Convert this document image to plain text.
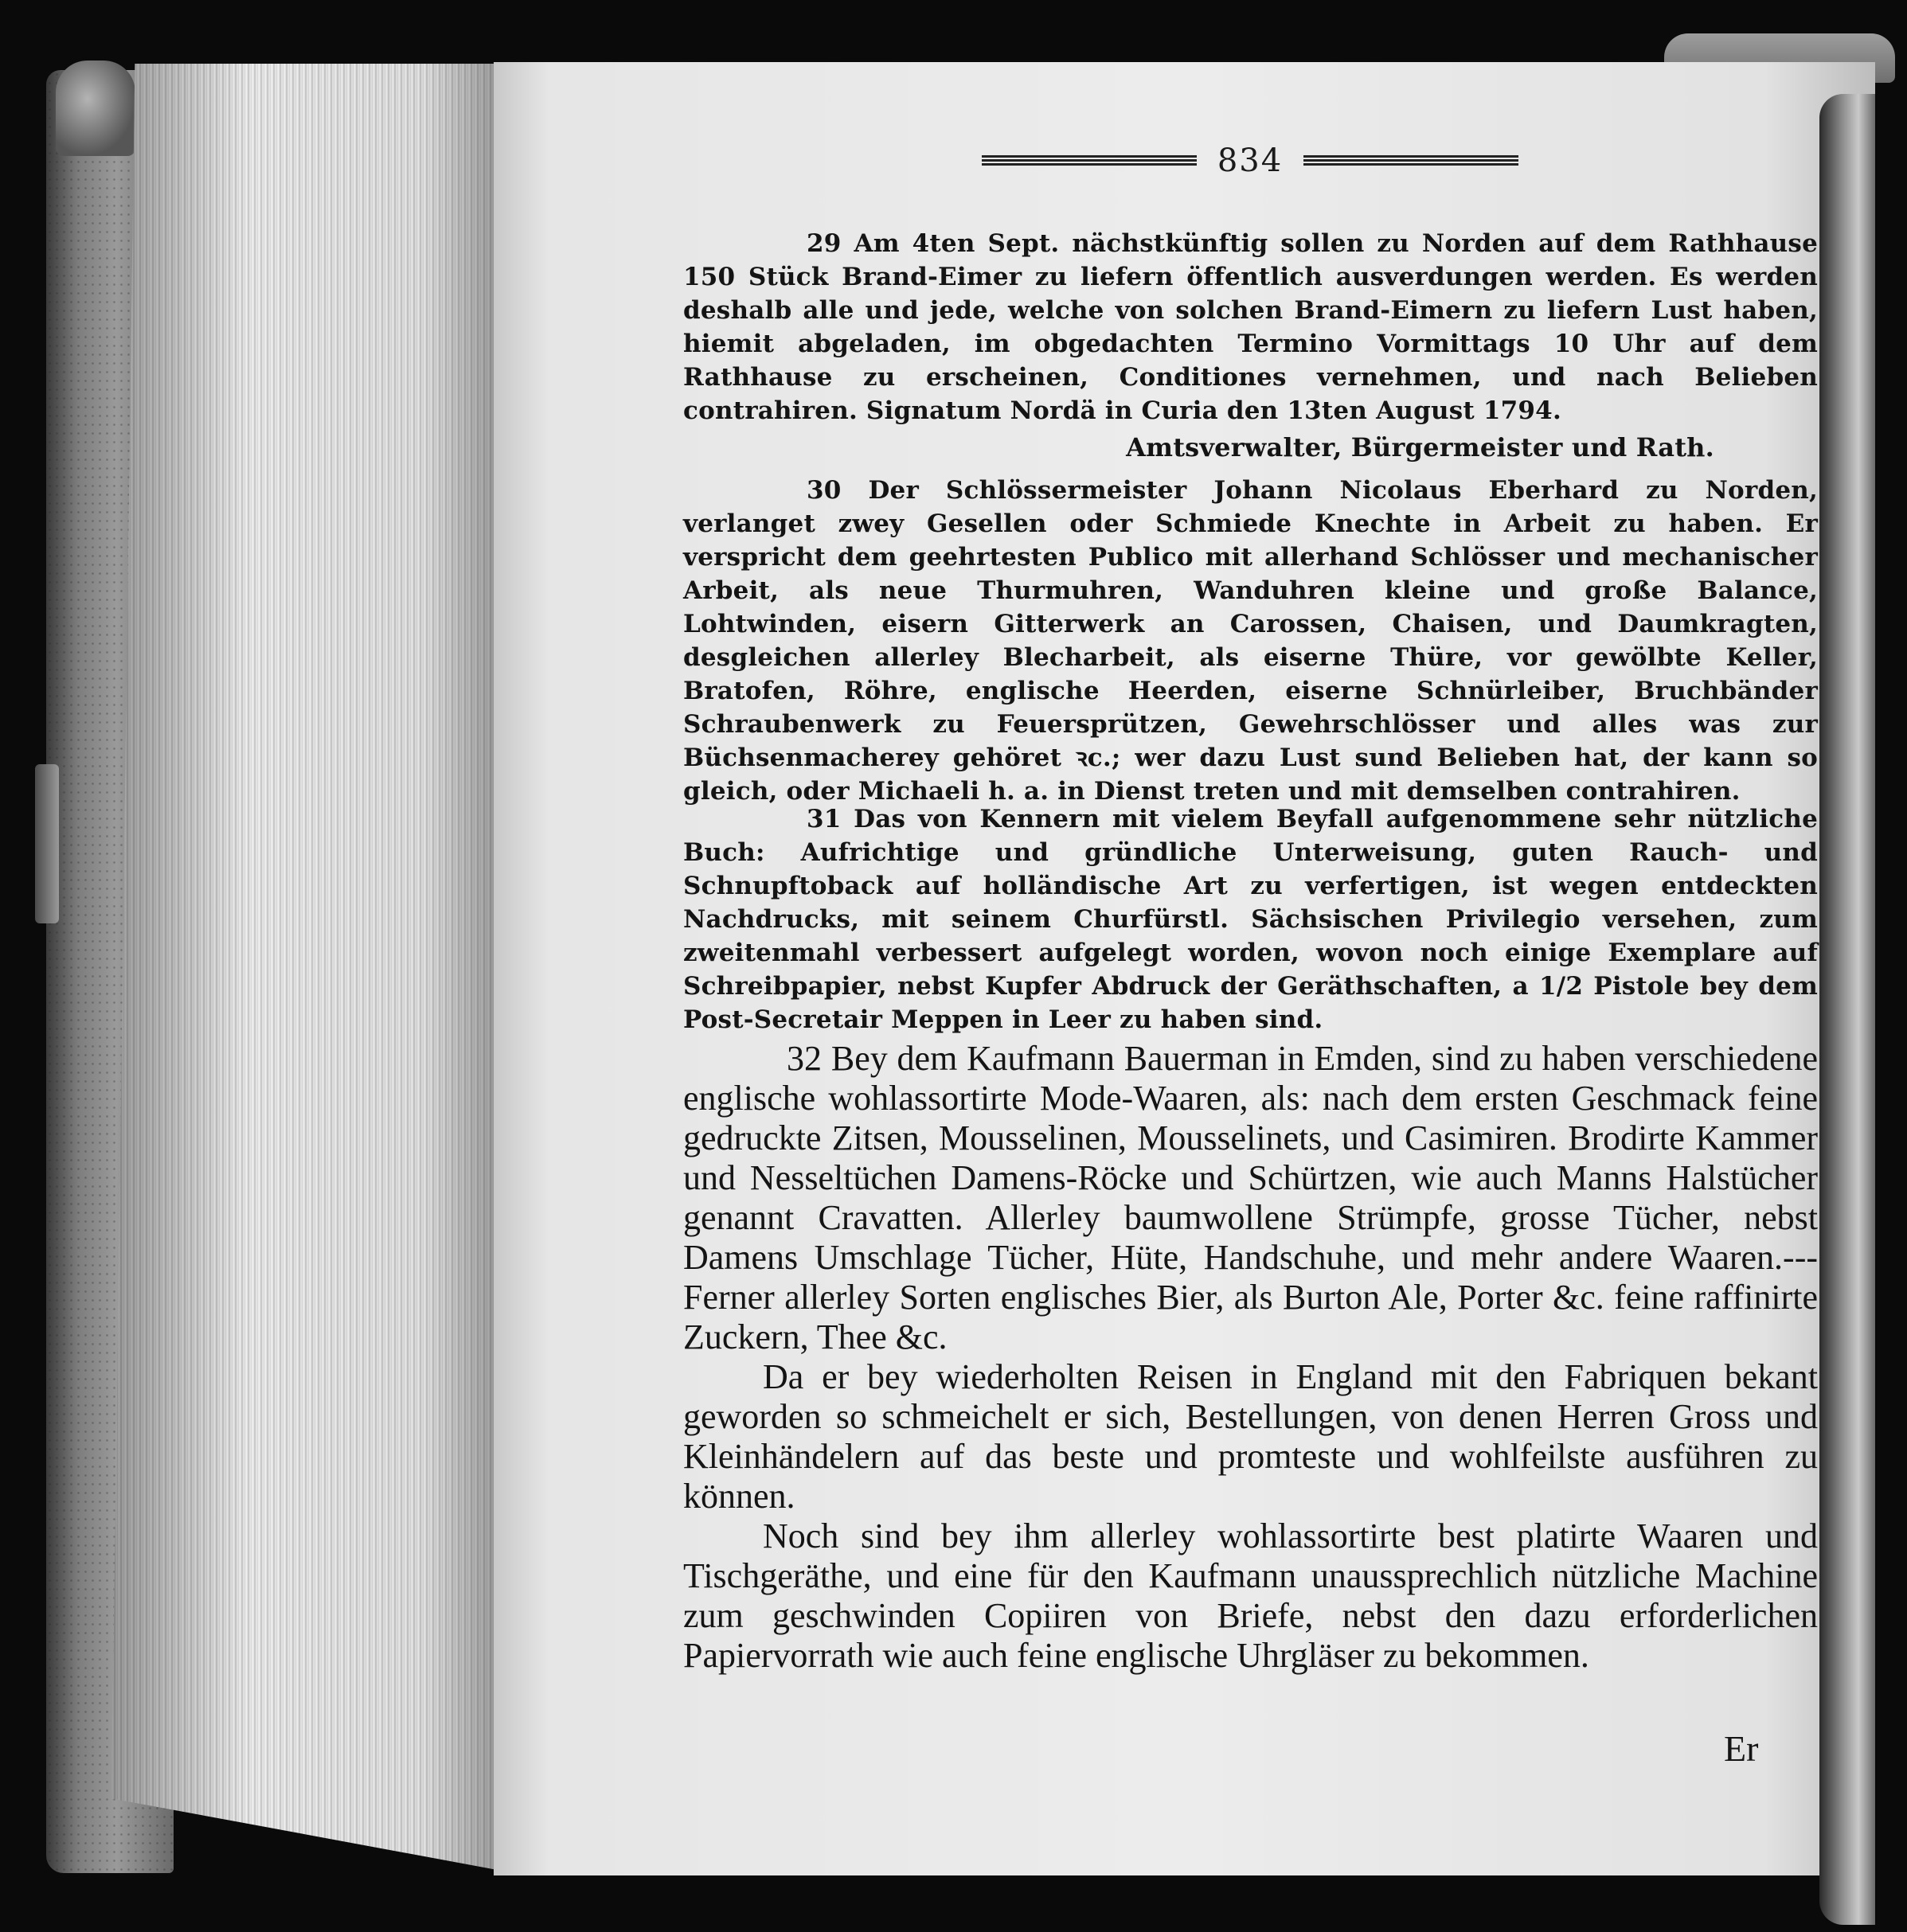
834

29 Am 4ten Sept. nächstkünftig sollen zu Norden auf dem Rathhause 150 Stück Brand-Eimer zu liefern öffentlich ausverdungen werden. Es werden deshalb alle und jede, welche von solchen Brand-Eimern zu liefern Lust haben, hiemit abgeladen, im obgedachten Termino Vormittags 10 Uhr auf dem Rathhause zu erscheinen, Conditiones vernehmen, und nach Belieben contrahiren. Signatum Nordä in Curia den 13ten August 1794.

Amtsverwalter, Bürgermeister und Rath.

30 Der Schlössermeister Johann Nicolaus Eberhard zu Norden, verlanget zwey Gesellen oder Schmiede Knechte in Arbeit zu haben. Er verspricht dem geehrtesten Publico mit allerhand Schlösser und mechanischer Arbeit, als neue Thurmuhren, Wanduhren kleine und große Balance, Lohtwinden, eisern Gitterwerk an Carossen, Chaisen, und Daumkragten, desgleichen allerley Blecharbeit, als eiserne Thüre, vor gewölbte Keller, Bratofen, Röhre, englische Heerden, eiserne Schnürleiber, Bruchbänder Schraubenwerk zu Feuersprützen, Gewehrschlösser und alles was zur Büchsenmacherey gehöret ꝛc.; wer dazu Lust sund Belieben hat, der kann so gleich, oder Michaeli h. a. in Dienst treten und mit demselben contrahiren.

31 Das von Kennern mit vielem Beyfall aufgenommene sehr nützliche Buch: Aufrichtige und gründliche Unterweisung, guten Rauch- und Schnupftoback auf holländische Art zu verfertigen, ist wegen entdeckten Nachdrucks, mit seinem Churfürstl. Sächsischen Privilegio versehen, zum zweitenmahl verbessert aufgelegt worden, wovon noch einige Exemplare auf Schreibpapier, nebst Kupfer Abdruck der Geräthschaften, a 1/2 Pistole bey dem Post-Secretair Meppen in Leer zu haben sind.

32 Bey dem Kaufmann Bauerman in Emden, sind zu haben verschiedene englische wohlassortirte Mode-Waaren, als: nach dem ersten Geschmack feine gedruckte Zitsen, Mousselinen, Mousselinets, und Casimiren. Brodirte Kammer und Nesseltüchen Damens-Röcke und Schürtzen, wie auch Manns Halstücher genannt Cravatten. Allerley baumwollene Strümpfe, grosse Tücher, nebst Damens Umschlage Tücher, Hüte, Handschuhe, und mehr andere Waaren.--- Ferner allerley Sorten englisches Bier, als Burton Ale, Porter &c. feine raffinirte Zuckern, Thee &c.

Da er bey wiederholten Reisen in England mit den Fabriquen bekant geworden so schmeichelt er sich, Bestellungen, von denen Herren Gross und Kleinhändelern auf das beste und promteste und wohlfeilste ausführen zu können.

Noch sind bey ihm allerley wohlassortirte best platirte Waaren und Tischgeräthe, und eine für den Kaufmann unaussprechlich nützliche Machine zum geschwinden Copiiren von Briefe, nebst den dazu erforderlichen Papiervorrath wie auch feine englische Uhrgläser zu bekommen.

Er
